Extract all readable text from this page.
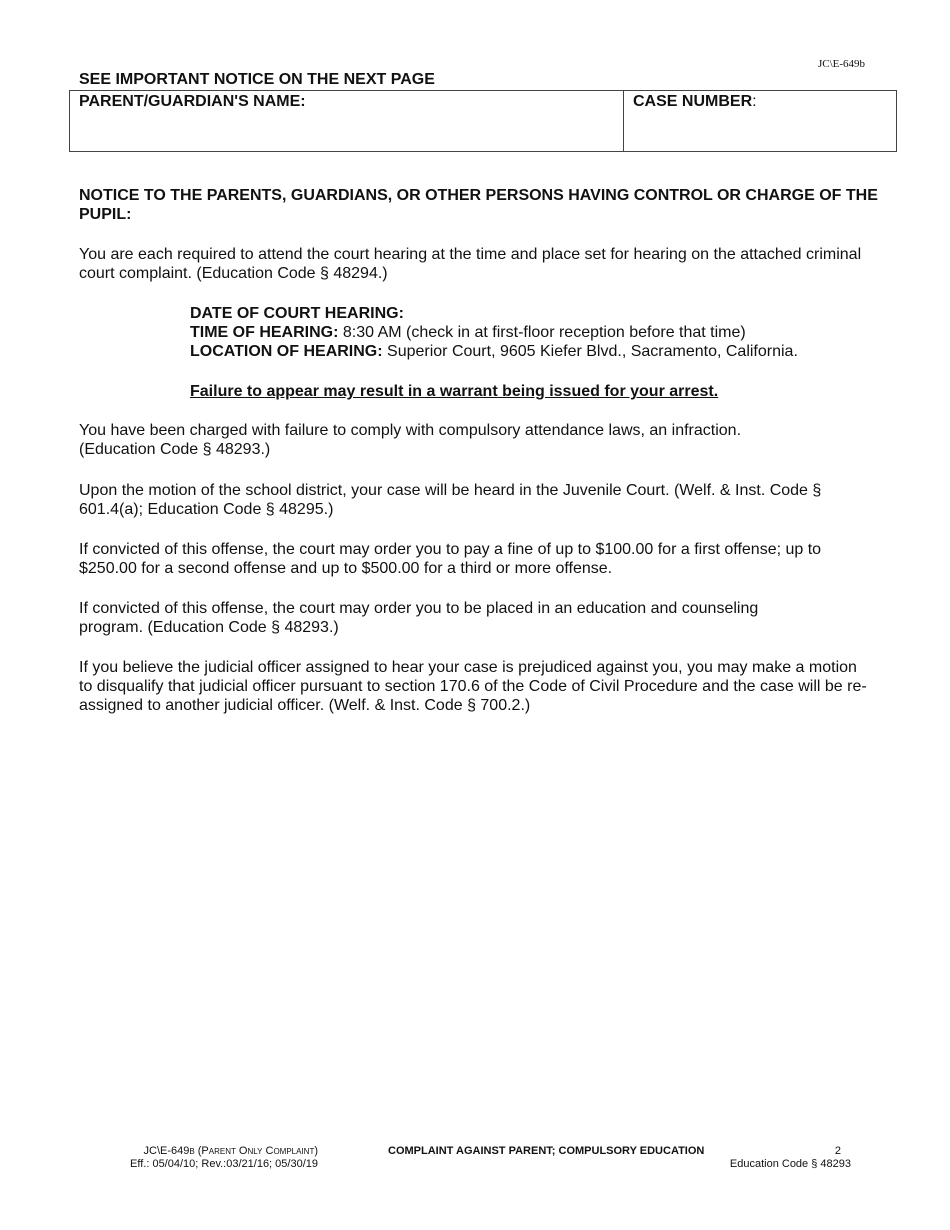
JC\E-649b
SEE IMPORTANT NOTICE ON THE NEXT PAGE
PARENT/GUARDIAN'S NAME:	CASE NUMBER:
NOTICE TO THE PARENTS, GUARDIANS, OR OTHER PERSONS HAVING CONTROL OR CHARGE OF THE PUPIL:
You are each required to attend the court hearing at the time and place set for hearing on the attached criminal court complaint. (Education Code § 48294.)
DATE OF COURT HEARING:
TIME OF HEARING: 8:30 AM (check in at first-floor reception before that time)
LOCATION OF HEARING: Superior Court, 9605 Kiefer Blvd., Sacramento, California.
Failure to appear may result in a warrant being issued for your arrest.
You have been charged with failure to comply with compulsory attendance laws, an infraction. (Education Code § 48293.)
Upon the motion of the school district, your case will be heard in the Juvenile Court. (Welf. & Inst. Code § 601.4(a); Education Code § 48295.)
If convicted of this offense, the court may order you to pay a fine of up to $100.00 for a first offense; up to $250.00 for a second offense and up to $500.00 for a third or more offense.
If convicted of this offense, the court may order you to be placed in an education and counseling program. (Education Code § 48293.)
If you believe the judicial officer assigned to hear your case is prejudiced against you, you may make a motion to disqualify that judicial officer pursuant to section 170.6 of the Code of Civil Procedure and the case will be re-assigned to another judicial officer. (Welf. & Inst. Code § 700.2.)
JC\E-649b (Parent Only Complaint)
Eff.: 05/04/10; Rev.:03/21/16; 05/30/19
COMPLAINT AGAINST PARENT; COMPULSORY EDUCATION	2
Education Code § 48293
